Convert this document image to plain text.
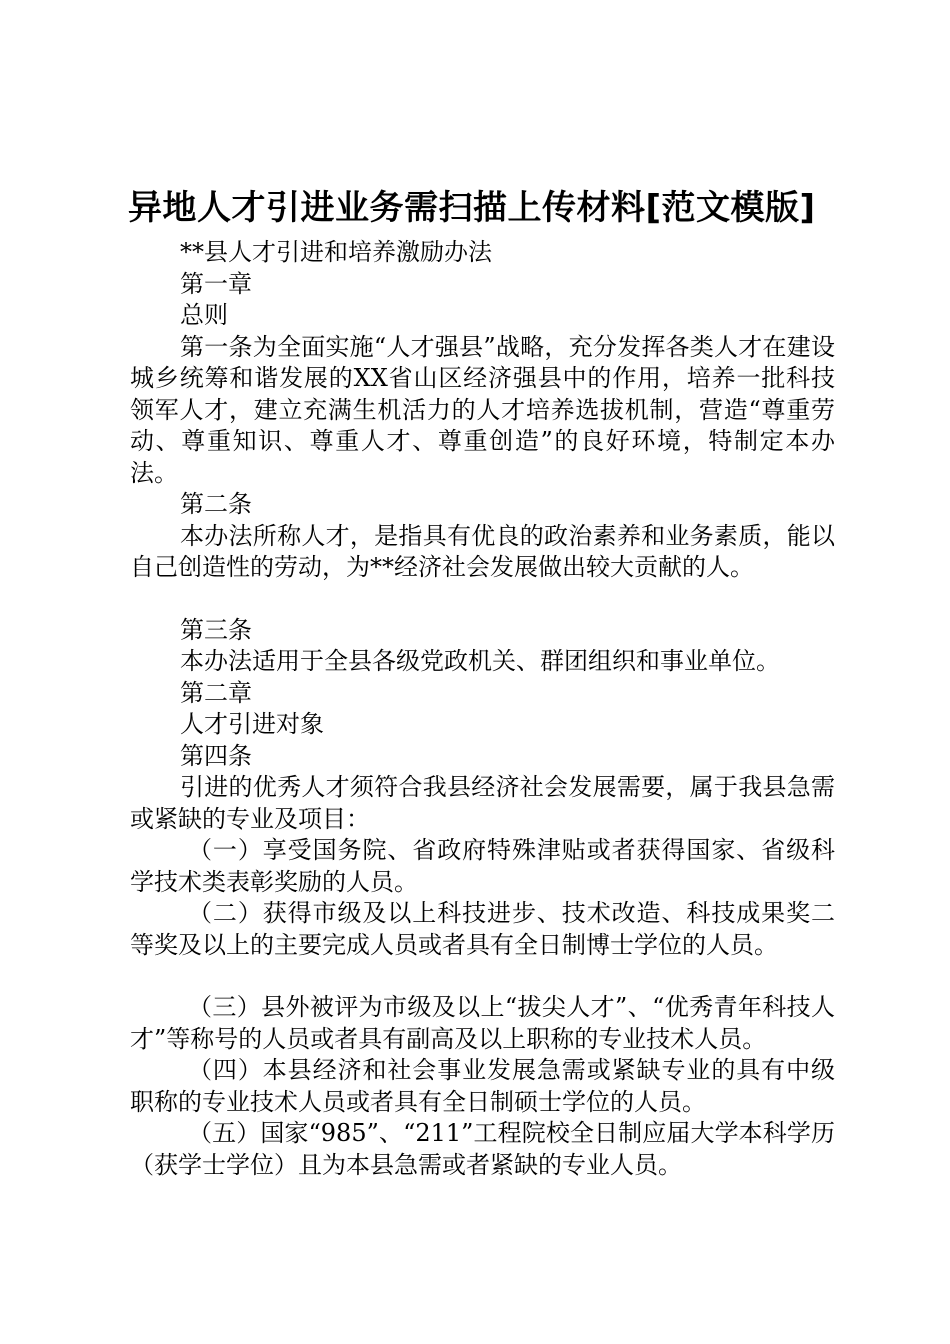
异地人才引进业务需扫描上传材料[范文模版]

**县人才引进和培养激励办法

第一章

总则

第一条为全面实施“人才强县”战略，充分发挥各类人才在建设城乡统筹和谐发展的XX省山区经济强县中的作用，培养一批科技领军人才，建立充满生机活力的人才培养选拔机制，营造“尊重劳动、尊重知识、尊重人才、尊重创造”的良好环境，特制定本办法。

第二条

本办法所称人才，是指具有优良的政治素养和业务素质，能以自己创造性的劳动，为**经济社会发展做出较大贡献的人。

第三条

本办法适用于全县各级党政机关、群团组织和事业单位。

第二章

人才引进对象

第四条

引进的优秀人才须符合我县经济社会发展需要，属于我县急需或紧缺的专业及项目：

（一）享受国务院、省政府特殊津贴或者获得国家、省级科学技术类表彰奖励的人员。

（二）获得市级及以上科技进步、技术改造、科技成果奖二等奖及以上的主要完成人员或者具有全日制博士学位的人员。

（三）县外被评为市级及以上“拔尖人才”、“优秀青年科技人才”等称号的人员或者具有副高及以上职称的专业技术人员。

（四）本县经济和社会事业发展急需或紧缺专业的具有中级职称的专业技术人员或者具有全日制硕士学位的人员。

（五）国家“985”、“211”工程院校全日制应届大学本科学历（获学士学位）且为本县急需或者紧缺的专业人员。
